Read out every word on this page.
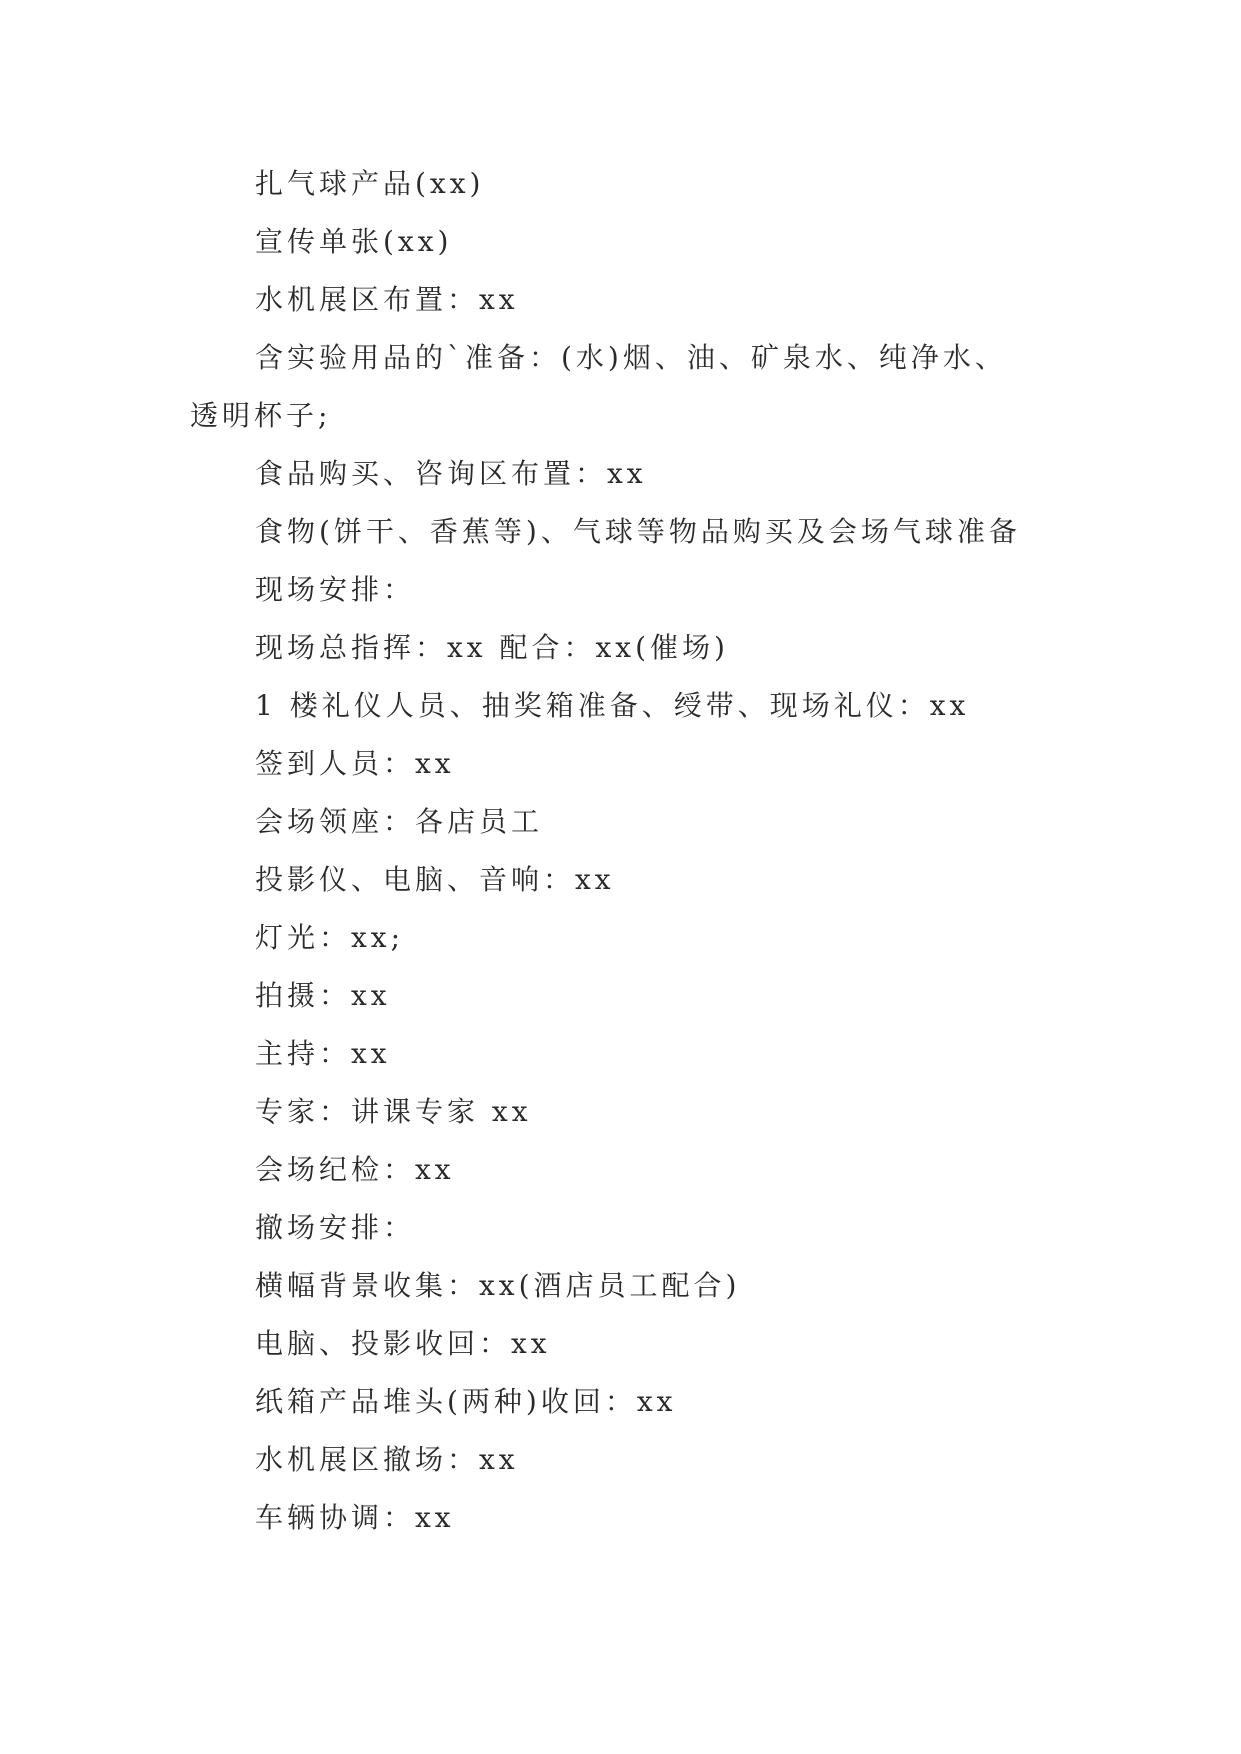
扎气球产品(xx)
宣传单张(xx)
水机展区布置：xx
含实验用品的`准备：(水)烟、油、矿泉水、纯净水、
透明杯子;
食品购买、咨询区布置：xx
食物(饼干、香蕉等)、气球等物品购买及会场气球准备
现场安排：
现场总指挥：xx 配合：xx(催场)
1 楼礼仪人员、抽奖箱准备、绶带、现场礼仪：xx
签到人员：xx
会场领座：各店员工
投影仪、电脑、音响：xx
灯光：xx;
拍摄：xx
主持：xx
专家：讲课专家 xx
会场纪检：xx
撤场安排：
横幅背景收集：xx(酒店员工配合)
电脑、投影收回：xx
纸箱产品堆头(两种)收回：xx
水机展区撤场：xx
车辆协调：xx
